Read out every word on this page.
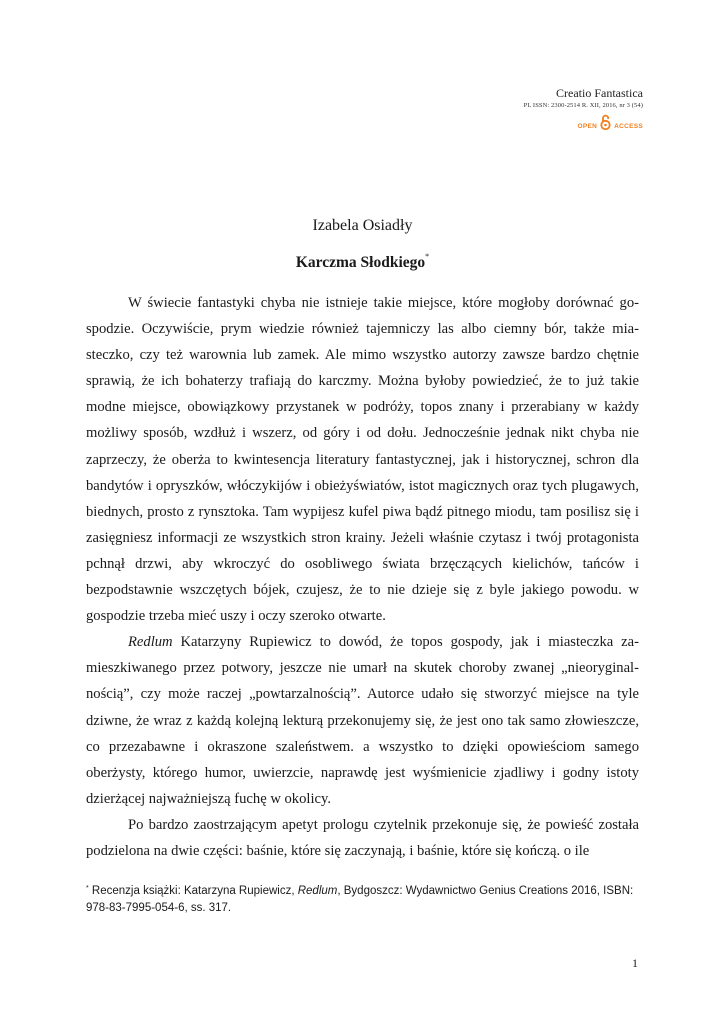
Creatio Fantastica
PL ISSN: 2300-2514 R. XII, 2016, nr 3 (54)
OPEN	ACCESS
Izabela Osiadły
Karczma Słodkiego*

W świecie fantastyki chyba nie istnieje takie miejsce, które mogłoby dorównać gospodzie. Oczywiście, prym wiedzie również tajemniczy las albo ciemny bór, także miasteczko, czy też warownia lub zamek. Ale mimo wszystko autorzy zawsze bardzo chętnie sprawią, że ich bohaterzy trafiają do karczmy. Można byłoby powiedzieć, że to już takie modne miejsce, obowiązkowy przystanek w podróży, topos znany i przerabiany w każdy możliwy sposób, wzdłuż i wszerz, od góry i od dołu. Jednocześnie jednak nikt chyba nie zaprzeczy, że oberża to kwintesencja literatury fantastycznej, jak i historycznej, schron dla bandytów i opryszków, włóczykijów i obieżyświatów, istot magicznych oraz tych plugawych, biednych, prosto z rynsztoka. Tam wypijesz kufel piwa bądź pitnego miodu, tam posilisz się i zasięgniesz informacji ze wszystkich stron krainy. Jeżeli właśnie czytasz i twój protagonista pchnął drzwi, aby wkroczyć do osobliwego świata brzęczących kielichów, tańców i bezpodstawnie wszczętych bójek, czujesz, że to nie dzieje się z byle jakiego powodu. w gospodzie trzeba mieć uszy i oczy szeroko otwarte.

Redlum Katarzyny Rupiewicz to dowód, że topos gospody, jak i miasteczka zamieszkiwanego przez potwory, jeszcze nie umarł na skutek choroby zwanej „nieoryginalnością”, czy może raczej „powtarzalnością”. Autorce udało się stworzyć miejsce na tyle dziwne, że wraz z każdą kolejną lekturą przekonujemy się, że jest ono tak samo złowieszcze, co przezabawne i okraszone szaleństwem. a wszystko to dzięki opowieściom samego oberżysty, którego humor, uwierzcie, naprawdę jest wyśmienicie zjadliwy i godny istoty dzierżącej najważniejszą fuchę w okolicy.

Po bardzo zaostrzającym apetyt prologu czytelnik przekonuje się, że powieść została podzielona na dwie części: baśnie, które się zaczynają, i baśnie, które się kończą. o ile

* Recenzja książki: Katarzyna Rupiewicz, Redlum, Bydgoszcz: Wydawnictwo Genius Creations 2016, ISBN: 978-83-7995-054-6, ss. 317.
1
